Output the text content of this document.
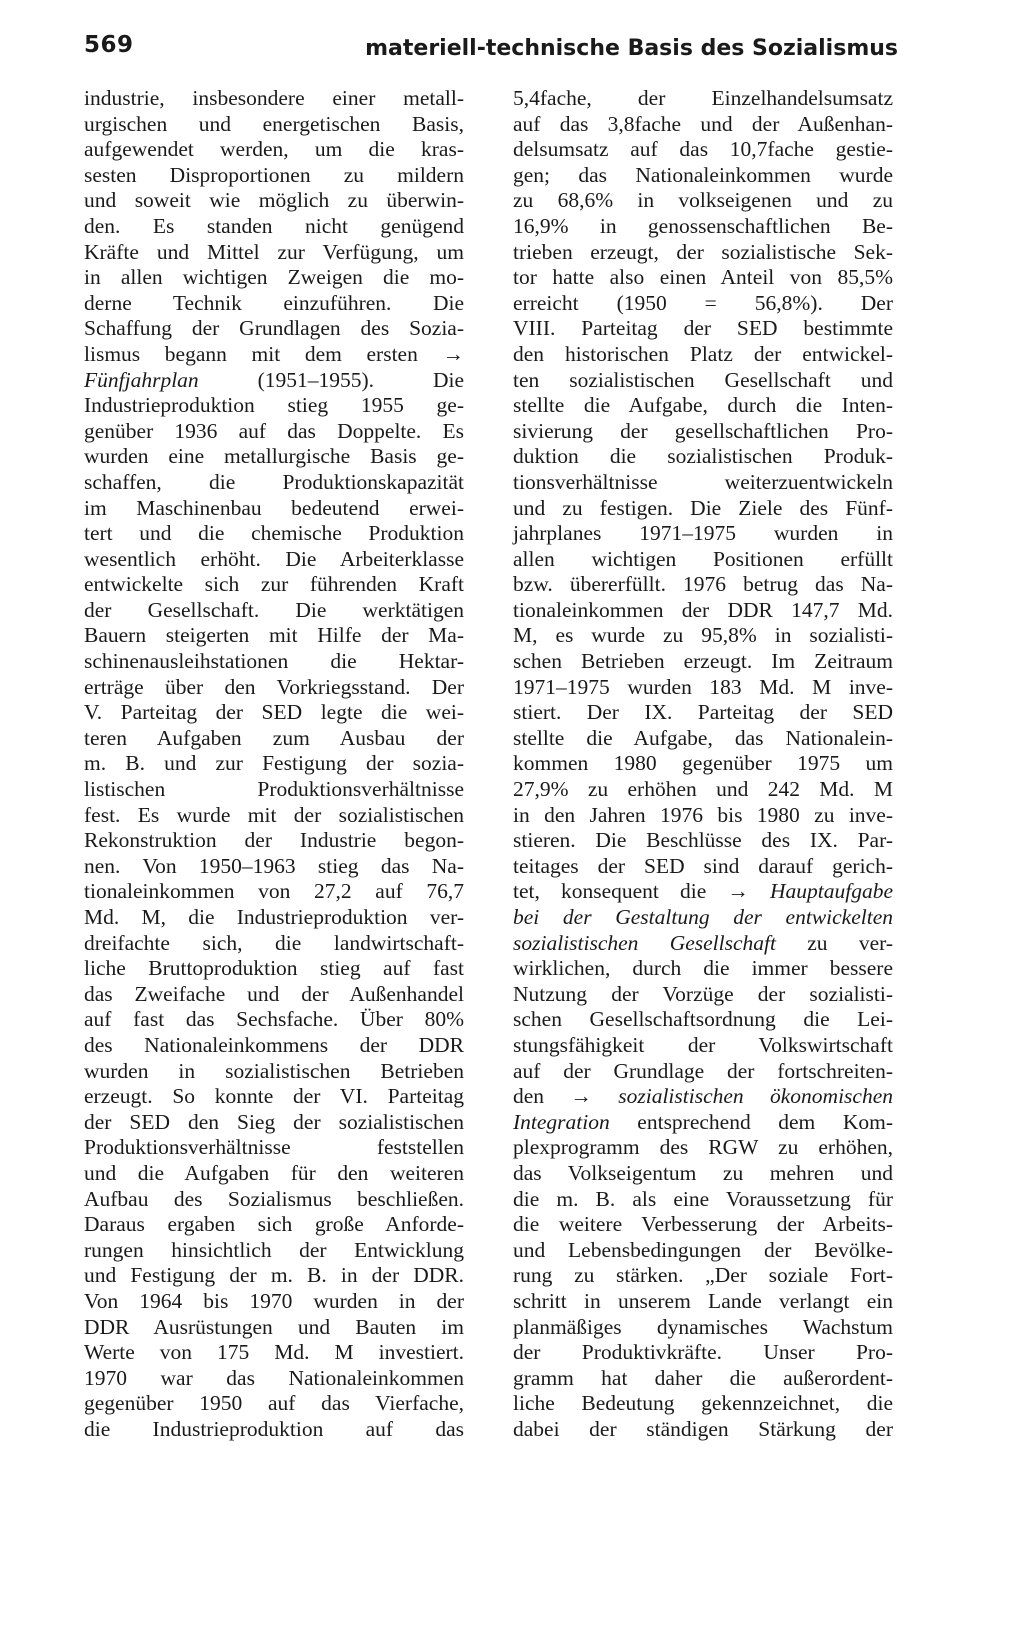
569	materiell-technische Basis des Sozialismus
industrie, insbesondere einer metall-
urgischen und energetischen Basis,
aufgewendet werden, um die kras-
sesten Disproportionen zu mildern
und soweit wie möglich zu überwin-
den. Es standen nicht genügend
Kräfte und Mittel zur Verfügung, um
in allen wichtigen Zweigen die mo-
derne Technik einzuführen. Die
Schaffung der Grundlagen des Sozia-
lismus begann mit dem ersten →
Fünfjahrplan (1951–1955). Die
Industrieproduktion stieg 1955 ge-
genüber 1936 auf das Doppelte. Es
wurden eine metallurgische Basis ge-
schaffen, die Produktionskapazität
im Maschinenbau bedeutend erwei-
tert und die chemische Produktion
wesentlich erhöht. Die Arbeiterklasse
entwickelte sich zur führenden Kraft
der Gesellschaft. Die werktätigen
Bauern steigerten mit Hilfe der Ma-
schinenausleihstationen die Hektar-
erträge über den Vorkriegsstand. Der
V. Parteitag der SED legte die wei-
teren Aufgaben zum Ausbau der
m. B. und zur Festigung der sozia-
listischen Produktionsverhältnisse
fest. Es wurde mit der sozialistischen
Rekonstruktion der Industrie begon-
nen. Von 1950–1963 stieg das Na-
tionaleinkommen von 27,2 auf 76,7
Md. M, die Industrieproduktion ver-
dreifachte sich, die landwirtschaft-
liche Bruttoproduktion stieg auf fast
das Zweifache und der Außenhandel
auf fast das Sechsfache. Über 80%
des Nationaleinkommens der DDR
wurden in sozialistischen Betrieben
erzeugt. So konnte der VI. Parteitag
der SED den Sieg der sozialistischen
Produktionsverhältnisse feststellen
und die Aufgaben für den weiteren
Aufbau des Sozialismus beschließen.
Daraus ergaben sich große Anforde-
rungen hinsichtlich der Entwicklung
und Festigung der m. B. in der DDR.
Von 1964 bis 1970 wurden in der
DDR Ausrüstungen und Bauten im
Werte von 175 Md. M investiert.
1970 war das Nationaleinkommen
gegenüber 1950 auf das Vierfache,
die Industrieproduktion auf das
5,4fache, der Einzelhandelsumsatz
auf das 3,8fache und der Außenhan-
delsumsatz auf das 10,7fache gestie-
gen; das Nationaleinkommen wurde
zu 68,6% in volkseigenen und zu
16,9% in genossenschaftlichen Be-
trieben erzeugt, der sozialistische Sek-
tor hatte also einen Anteil von 85,5%
erreicht (1950 = 56,8%). Der
VIII. Parteitag der SED bestimmte
den historischen Platz der entwickel-
ten sozialistischen Gesellschaft und
stellte die Aufgabe, durch die Inten-
sivierung der gesellschaftlichen Pro-
duktion die sozialistischen Produk-
tionsverhältnisse weiterzuentwickeln
und zu festigen. Die Ziele des Fünf-
jahrplanes 1971–1975 wurden in
allen wichtigen Positionen erfüllt
bzw. übererfüllt. 1976 betrug das Na-
tionaleinkommen der DDR 147,7 Md.
M, es wurde zu 95,8% in sozialisti-
schen Betrieben erzeugt. Im Zeitraum
1971–1975 wurden 183 Md. M inve-
stiert. Der IX. Parteitag der SED
stellte die Aufgabe, das Nationalein-
kommen 1980 gegenüber 1975 um
27,9% zu erhöhen und 242 Md. M
in den Jahren 1976 bis 1980 zu inve-
stieren. Die Beschlüsse des IX. Par-
teitages der SED sind darauf gerich-
tet, konsequent die → Hauptaufgabe
bei der Gestaltung der entwickelten
sozialistischen Gesellschaft zu ver-
wirklichen, durch die immer bessere
Nutzung der Vorzüge der sozialisti-
schen Gesellschaftsordnung die Lei-
stungsfähigkeit der Volkswirtschaft
auf der Grundlage der fortschreiten-
den → sozialistischen ökonomischen
Integration entsprechend dem Kom-
plexprogramm des RGW zu erhöhen,
das Volkseigentum zu mehren und
die m. B. als eine Voraussetzung für
die weitere Verbesserung der Arbeits-
und Lebensbedingungen der Bevölke-
rung zu stärken. „Der soziale Fort-
schritt in unserem Lande verlangt ein
planmäßiges dynamisches Wachstum
der Produktivkräfte. Unser Pro-
gramm hat daher die außerordent-
liche Bedeutung gekennzeichnet, die
dabei der ständigen Stärkung der
